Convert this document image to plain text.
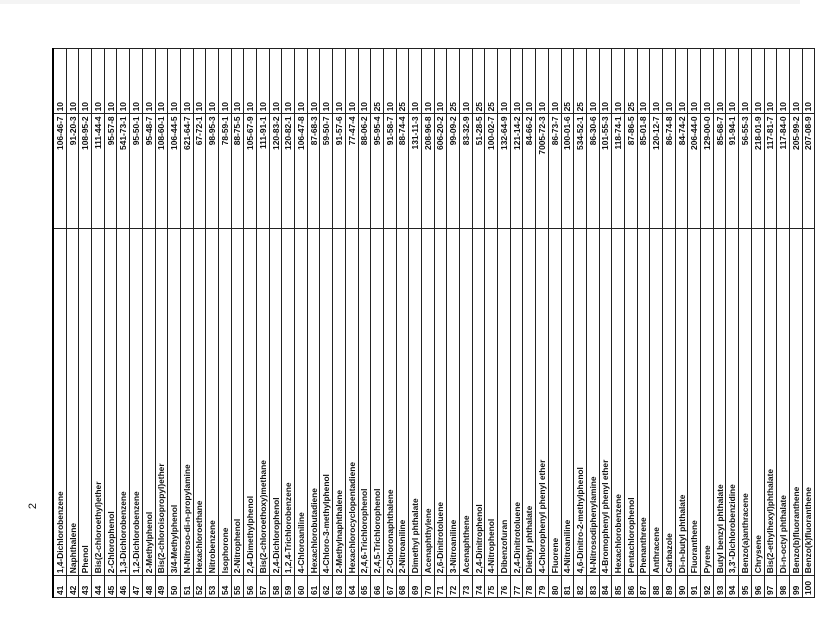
41	1,4-Dichlorobenzene	106-46-7	10
42	Naphthalene	91-20-3	10
43	Phenol	108-95-2	10
44	Bis(2-chloroethyl)ether	111-44-4	10
45	2-Chlorophenol	95-57-8	10
46	1,3-Dichlorobenzene	541-73-1	10
47	1,2-Dichlorobenzene	95-50-1	10
48	2-Methylphenol	95-48-7	10
49	Bis(2-chloroisopropyl)ether	108-60-1	10
50	3/4-Methylphenol	106-44-5	10
51	N-Nitroso-di-n-propylamine	621-64-7	10
52	Hexachloroethane	67-72-1	10
53	Nitrobenzene	98-95-3	10
54	Isophorone	78-59-1	10
55	2-Nitrophenol	88-75-5	10
56	2,4-Dimethylphenol	105-67-9	10
57	Bis(2-chloroethoxy)methane	111-91-1	10
58	2,4-Dichlorophenol	120-83-2	10
59	1,2,4-Trichlorobenzene	120-82-1	10
60	4-Chloroaniline	106-47-8	10
61	Hexachlorobutadiene	87-68-3	10
62	4-Chloro-3-methylphenol	59-50-7	10
63	2-Methylnaphthalene	91-57-6	10
64	Hexachlorocyclopentadiene	77-47-4	10
65	2,4,6-Trichlorophenol	88-06-2	10
66	2,4,5-Trichlorophenol	95-95-4	25
67	2-Chloronaphthalene	91-58-7	10
68	2-Nitroaniline	88-74-4	25
69	Dimethyl phthalate	131-11-3	10
70	Acenaphthylene	208-96-8	10
71	2,6-Dinitrotoluene	606-20-2	10
72	3-Nitroaniline	99-09-2	25
73	Acenaphthene	83-32-9	10
74	2,4-Dinitrophenol	51-28-5	25
75	4-Nitrophenol	100-02-7	25
76	Dibenzofuran	132-64-9	10
77	2,4-Dinitrotoluene	121-14-2	10
78	Diethyl phthalate	84-66-2	10
79	4-Chlorophenyl phenyl ether	7005-72-3	10
80	Fluorene	86-73-7	10
81	4-Nitroaniline	100-01-6	25
82	4,6-Dinitro-2-methylphenol	534-52-1	25
83	N-Nitrosodiphenylamine	86-30-6	10
84	4-Bromophenyl phenyl ether	101-55-3	10
85	Hexachlorobenzene	118-74-1	10
86	Pentachlorophenol	87-86-5	25
87	Phenanthrene	85-01-8	10
88	Anthracene	120-12-7	10
89	Carbazole	86-74-8	10
90	Di-n-butyl phthalate	84-74-2	10
91	Fluoranthene	206-44-0	10
92	Pyrene	129-00-0	10
93	Butyl benzyl phthalate	85-68-7	10
94	3,3'-Dichlorobenzidine	91-94-1	10
95	Benzo(a)anthracene	56-55-3	10
96	Chrysene	218-01-9	10
97	Bis(2-ethylhexyl)phthalate	117-81-7	10
98	Di-n-octyl phthalate	117-84-0	10
99	Benzo(b)fluoranthene	205-99-2	10
100	Benzo(k)fluoranthene	207-08-9	10
2
